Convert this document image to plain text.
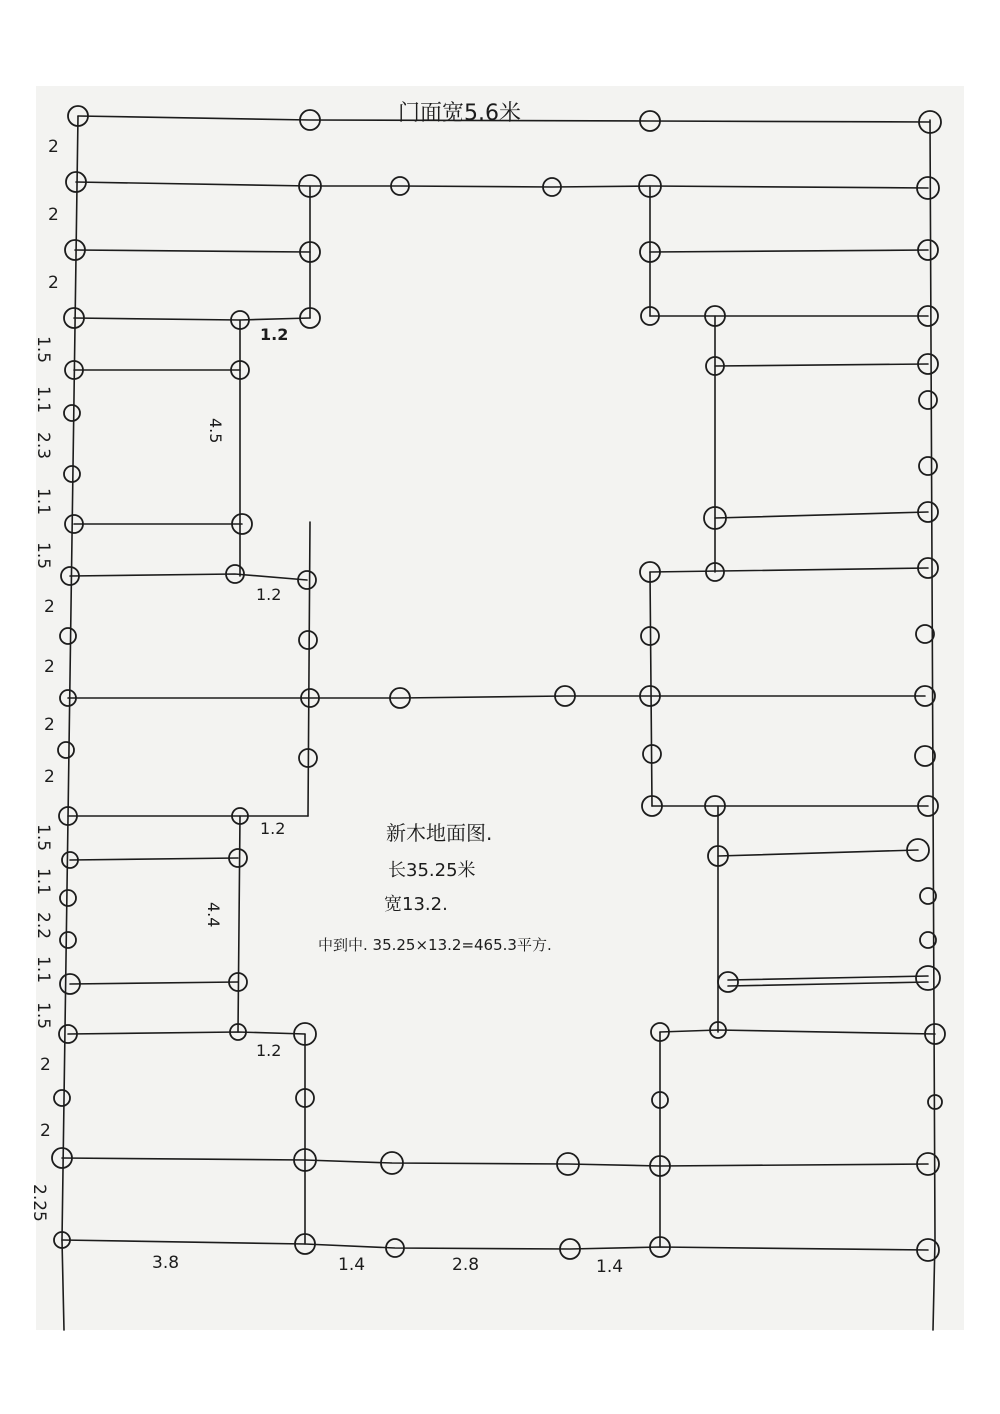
门面宽5.6米
2
2
2
1.5
1.1
2.3
1.1
1.5
2
2
2
2
1.5
1.1
2.2
1.1
1.5
2
2
2.25
3.8	1.4	2.8	1.4
1.2
4.5
1.2
1.2
4.4
1.2
新木地面图.
长35.25米
宽13.2.
中到中. 35.25×13.2=465.3平方.
